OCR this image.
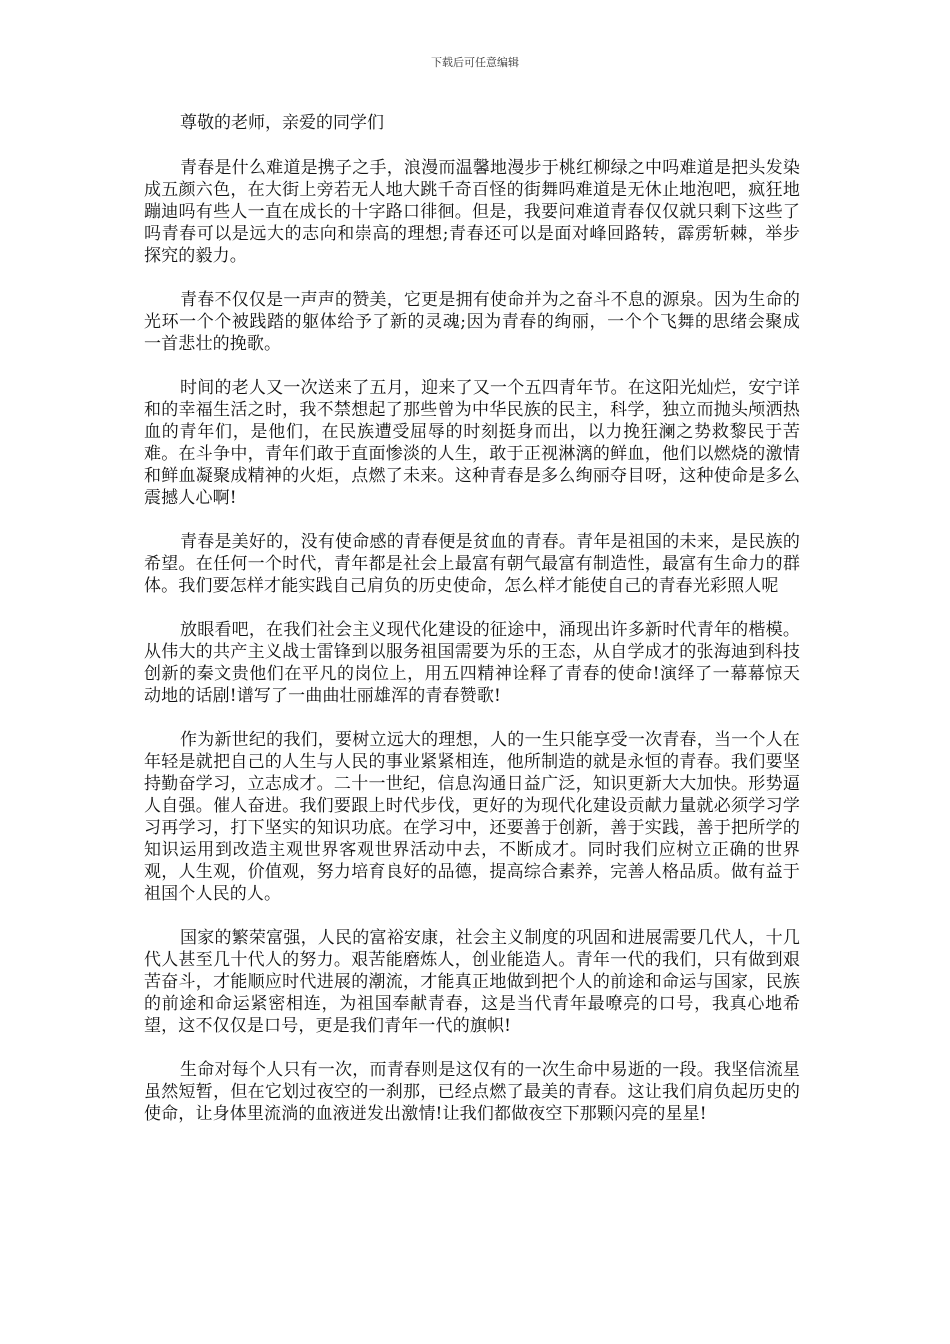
下载后可任意编辑

尊敬的老师，亲爱的同学们

青春是什么难道是携子之手，浪漫而温馨地漫步于桃红柳绿之中吗难道是把头发染成五颜六色，在大街上旁若无人地大跳千奇百怪的街舞吗难道是无休止地泡吧，疯狂地蹦迪吗有些人一直在成长的十字路口徘徊。但是，我要问难道青春仅仅就只剩下这些了吗青春可以是远大的志向和崇高的理想;青春还可以是面对峰回路转，霹雳斩棘，举步探究的毅力。

青春不仅仅是一声声的赞美，它更是拥有使命并为之奋斗不息的源泉。因为生命的光环一个个被践踏的躯体给予了新的灵魂;因为青春的绚丽，一个个飞舞的思绪会聚成一首悲壮的挽歌。

时间的老人又一次送来了五月，迎来了又一个五四青年节。在这阳光灿烂，安宁详和的幸福生活之时，我不禁想起了那些曾为中华民族的民主，科学，独立而抛头颅洒热血的青年们，是他们，在民族遭受屈辱的时刻挺身而出，以力挽狂澜之势救黎民于苦难。在斗争中，青年们敢于直面惨淡的人生，敢于正视淋漓的鲜血，他们以燃烧的激情和鲜血凝聚成精神的火炬，点燃了未来。这种青春是多么绚丽夺目呀，这种使命是多么震撼人心啊!

青春是美好的，没有使命感的青春便是贫血的青春。青年是祖国的未来，是民族的希望。在任何一个时代，青年都是社会上最富有朝气最富有制造性，最富有生命力的群体。我们要怎样才能实践自己肩负的历史使命，怎么样才能使自己的青春光彩照人呢

放眼看吧，在我们社会主义现代化建设的征途中，涌现出许多新时代青年的楷模。从伟大的共产主义战士雷锋到以服务祖国需要为乐的王态，从自学成才的张海迪到科技创新的秦文贵他们在平凡的岗位上，用五四精神诠释了青春的使命!演绎了一幕幕惊天动地的话剧!谱写了一曲曲壮丽雄浑的青春赞歌!

作为新世纪的我们，要树立远大的理想，人的一生只能享受一次青春，当一个人在年轻是就把自己的人生与人民的事业紧紧相连，他所制造的就是永恒的青春。我们要坚持勤奋学习，立志成才。二十一世纪，信息沟通日益广泛，知识更新大大加快。形势逼人自强。催人奋进。我们要跟上时代步伐，更好的为现代化建设贡献力量就必须学习学习再学习，打下坚实的知识功底。在学习中，还要善于创新，善于实践，善于把所学的知识运用到改造主观世界客观世界活动中去，不断成才。同时我们应树立正确的世界观，人生观，价值观，努力培育良好的品德，提高综合素养，完善人格品质。做有益于祖国个人民的人。

国家的繁荣富强，人民的富裕安康，社会主义制度的巩固和进展需要几代人，十几代人甚至几十代人的努力。艰苦能磨炼人，创业能造人。青年一代的我们，只有做到艰苦奋斗，才能顺应时代进展的潮流，才能真正地做到把个人的前途和命运与国家，民族的前途和命运紧密相连，为祖国奉献青春，这是当代青年最嘹亮的口号，我真心地希望，这不仅仅是口号，更是我们青年一代的旗帜!

生命对每个人只有一次，而青春则是这仅有的一次生命中易逝的一段。我坚信流星虽然短暂，但在它划过夜空的一刹那，已经点燃了最美的青春。这让我们肩负起历史的使命，让身体里流淌的血液迸发出激情!让我们都做夜空下那颗闪亮的星星!
